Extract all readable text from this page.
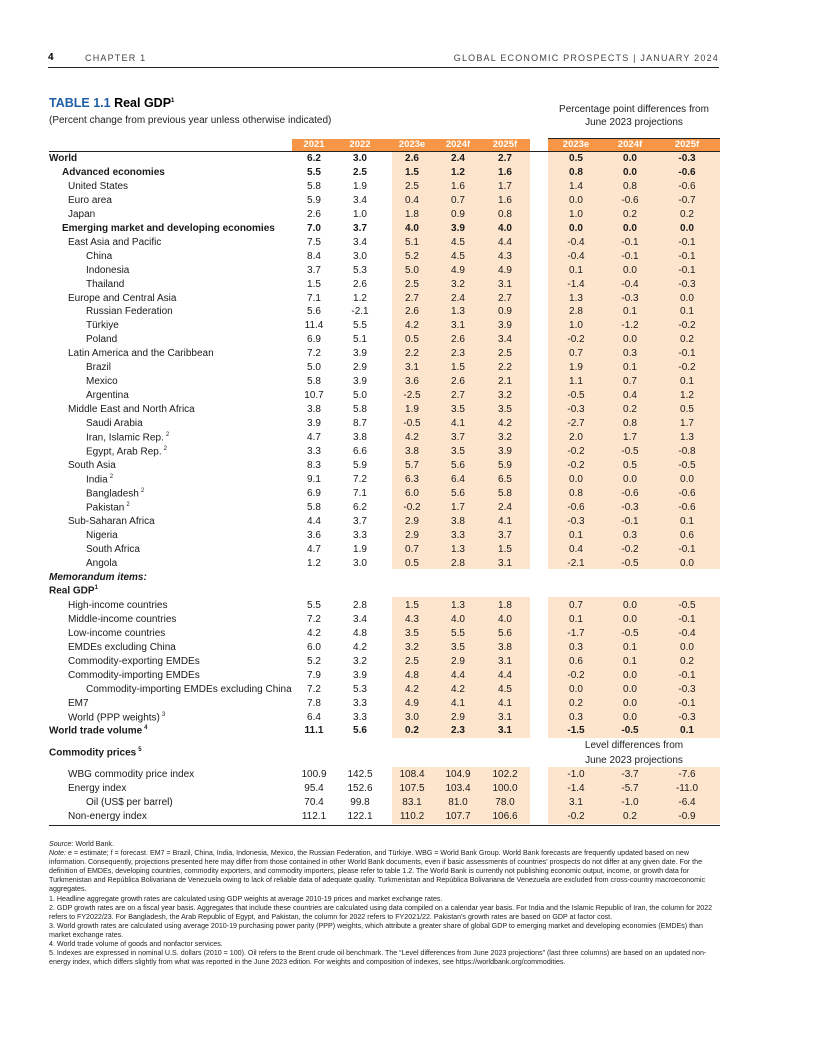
4	CHAPTER 1	GLOBAL ECONOMIC PROSPECTS | JANUARY 2024
TABLE 1.1 Real GDP$^1$
(Percent change from previous year unless otherwise indicated)
Percentage point differences from
June 2023 projections
2021	2022	2023e	2024f	2025f	2023e	2024f	2025f
World	6.2	3.0	2.6	2.4	2.7	0.5	0.0	-0.3
Advanced economies	5.5	2.5	1.5	1.2	1.6	0.8	0.0	-0.6
United States	5.8	1.9	2.5	1.6	1.7	1.4	0.8	-0.6
Euro area	5.9	3.4	0.4	0.7	1.6	0.0	-0.6	-0.7
Japan	2.6	1.0	1.8	0.9	0.8	1.0	0.2	0.2
Emerging market and developing economies	7.0	3.7	4.0	3.9	4.0	0.0	0.0	0.0
East Asia and Pacific	7.5	3.4	5.1	4.5	4.4	-0.4	-0.1	-0.1
China	8.4	3.0	5.2	4.5	4.3	-0.4	-0.1	-0.1
Indonesia	3.7	5.3	5.0	4.9	4.9	0.1	0.0	-0.1
Thailand	1.5	2.6	2.5	3.2	3.1	-1.4	-0.4	-0.3
Europe and Central Asia	7.1	1.2	2.7	2.4	2.7	1.3	-0.3	0.0
Russian Federation	5.6	-2.1	2.6	1.3	0.9	2.8	0.1	0.1
Türkiye	11.4	5.5	4.2	3.1	3.9	1.0	-1.2	-0.2
Poland	6.9	5.1	0.5	2.6	3.4	-0.2	0.0	0.2
Latin America and the Caribbean	7.2	3.9	2.2	2.3	2.5	0.7	0.3	-0.1
Brazil	5.0	2.9	3.1	1.5	2.2	1.9	0.1	-0.2
Mexico	5.8	3.9	3.6	2.6	2.1	1.1	0.7	0.1
Argentina	10.7	5.0	-2.5	2.7	3.2	-0.5	0.4	1.2
Middle East and North Africa	3.8	5.8	1.9	3.5	3.5	-0.3	0.2	0.5
Saudi Arabia	3.9	8.7	-0.5	4.1	4.2	-2.7	0.8	1.7
Iran, Islamic Rep. $^2$	4.7	3.8	4.2	3.7	3.2	2.0	1.7	1.3
Egypt, Arab Rep. $^2$	3.3	6.6	3.8	3.5	3.9	-0.2	-0.5	-0.8
South Asia	8.3	5.9	5.7	5.6	5.9	-0.2	0.5	-0.5
India $^2$	9.1	7.2	6.3	6.4	6.5	0.0	0.0	0.0
Bangladesh $^2$	6.9	7.1	6.0	5.6	5.8	0.8	-0.6	-0.6
Pakistan $^2$	5.8	6.2	-0.2	1.7	2.4	-0.6	-0.3	-0.6
Sub-Saharan Africa	4.4	3.7	2.9	3.8	4.1	-0.3	-0.1	0.1
Nigeria	3.6	3.3	2.9	3.3	3.7	0.1	0.3	0.6
South Africa	4.7	1.9	0.7	1.3	1.5	0.4	-0.2	-0.1
Angola	1.2	3.0	0.5	2.8	3.1	-2.1	-0.5	0.0
Memorandum items:
Real GDP$^1$
High-income countries	5.5	2.8	1.5	1.3	1.8	0.7	0.0	-0.5
Middle-income countries	7.2	3.4	4.3	4.0	4.0	0.1	0.0	-0.1
Low-income countries	4.2	4.8	3.5	5.5	5.6	-1.7	-0.5	-0.4
EMDEs excluding China	6.0	4.2	3.2	3.5	3.8	0.3	0.1	0.0
Commodity-exporting EMDEs	5.2	3.2	2.5	2.9	3.1	0.6	0.1	0.2
Commodity-importing EMDEs	7.9	3.9	4.8	4.4	4.4	-0.2	0.0	-0.1
Commodity-importing EMDEs excluding China	7.2	5.3	4.2	4.2	4.5	0.0	0.0	-0.3
EM7	7.8	3.3	4.9	4.1	4.1	0.2	0.0	-0.1
World (PPP weights) $^3$	6.4	3.3	3.0	2.9	3.1	0.3	0.0	-0.3
World trade volume $^4$	11.1	5.6	0.2	2.3	3.1	-1.5	-0.5	0.1
Commodity prices $^5$
WBG commodity price index	100.9	142.5	108.4	104.9	102.2	-1.0	-3.7	-7.6
Energy index	95.4	152.6	107.5	103.4	100.0	-1.4	-5.7	-11.0
Oil (US$ per barrel)	70.4	99.8	83.1	81.0	78.0	3.1	-1.0	-6.4
Non-energy index	112.1	122.1	110.2	107.7	106.6	-0.2	0.2	-0.9
Level differences from
June 2023 projections

Source: World Bank.

Note: e = estimate; f = forecast. EM7 = Brazil, China, India, Indonesia, Mexico, the Russian Federation, and Türkiye. WBG = World Bank Group. World Bank forecasts are frequently updated based on new information. Consequently, projections presented here may differ from those contained in other World Bank documents, even if basic assessments of countries' prospects do not differ at any given date. For the definition of EMDEs, developing countries, commodity exporters, and commodity importers, please refer to table 1.2. The World Bank is currently not publishing economic output, income, or growth data for Turkmenistan and República Bolivariana de Venezuela owing to lack of reliable data of adequate quality. Turkmenistan and República Bolivariana de Venezuela are excluded from cross-country macroeconomic aggregates.

1. Headline aggregate growth rates are calculated using GDP weights at average 2010-19 prices and market exchange rates.

2. GDP growth rates are on a fiscal year basis. Aggregates that include these countries are calculated using data compiled on a calendar year basis. For India and the Islamic Republic of Iran, the column for 2022 refers to FY2022/23. For Bangladesh, the Arab Republic of Egypt, and Pakistan, the column for 2022 refers to FY2021/22. Pakistan's growth rates are based on GDP at factor cost.

3. World growth rates are calculated using average 2010-19 purchasing power parity (PPP) weights, which attribute a greater share of global GDP to emerging market and developing economies (EMDEs) than market exchange rates.

4. World trade volume of goods and nonfactor services.

5. Indexes are expressed in nominal U.S. dollars (2010 = 100). Oil refers to the Brent crude oil benchmark. The “Level differences from June 2023 projections” (last three columns) are based on an updated non-energy index, which differs slightly from what was reported in the June 2023 edition. For weights and composition of indexes, see https://worldbank.org/commodities.
